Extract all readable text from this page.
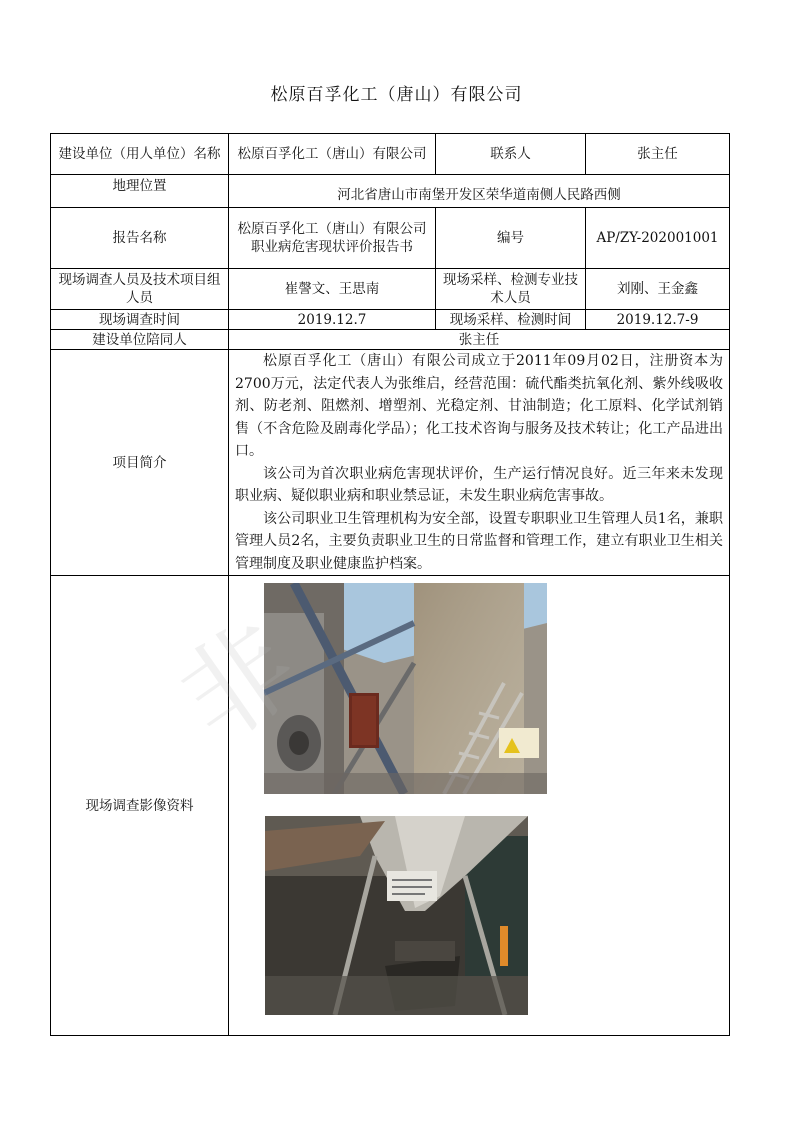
松原百孚化工（唐山）有限公司
建设单位（用人单位）名称	松原百孚化工（唐山）有限公司	联系人	张主任
地理位置	河北省唐山市南堡开发区荣华道南侧人民路西侧		
报告名称	松原百孚化工（唐山）有限公司职业病危害现状评价报告书	编号	AP/ZY-202001001
现场调查人员及技术项目组人员	崔謦文、王思南	现场采样、检测专业技术人员	刘刚、王金鑫
现场调查时间	2019.12.7	现场采样、检测时间	2019.12.7-9
建设单位陪同人	张主任		
项目简介	松原百孚化工（唐山）有限公司成立于2011年09月02日，注册资本为2700万元，法定代表人为张维启，经营范围：硫代酯类抗氧化剂、紫外线吸收剂、防老剂、阻燃剂、增塑剂、光稳定剂、甘油制造；化工原料、化学试剂销售（不含危险及剧毒化学品）；化工技术咨询与服务及技术转让；化工产品进出口。

该公司为首次职业病危害现状评价，生产运行情况良好。近三年来未发现职业病、疑似职业病和职业禁忌证，未发生职业病危害事故。

该公司职业卫生管理机构为安全部，设置专职职业卫生管理人员1名，兼职管理人员2名，主要负责职业卫生的日常监督和管理工作，建立有职业卫生相关管理制度及职业健康监护档案。		

现场调查影像资料	
非
